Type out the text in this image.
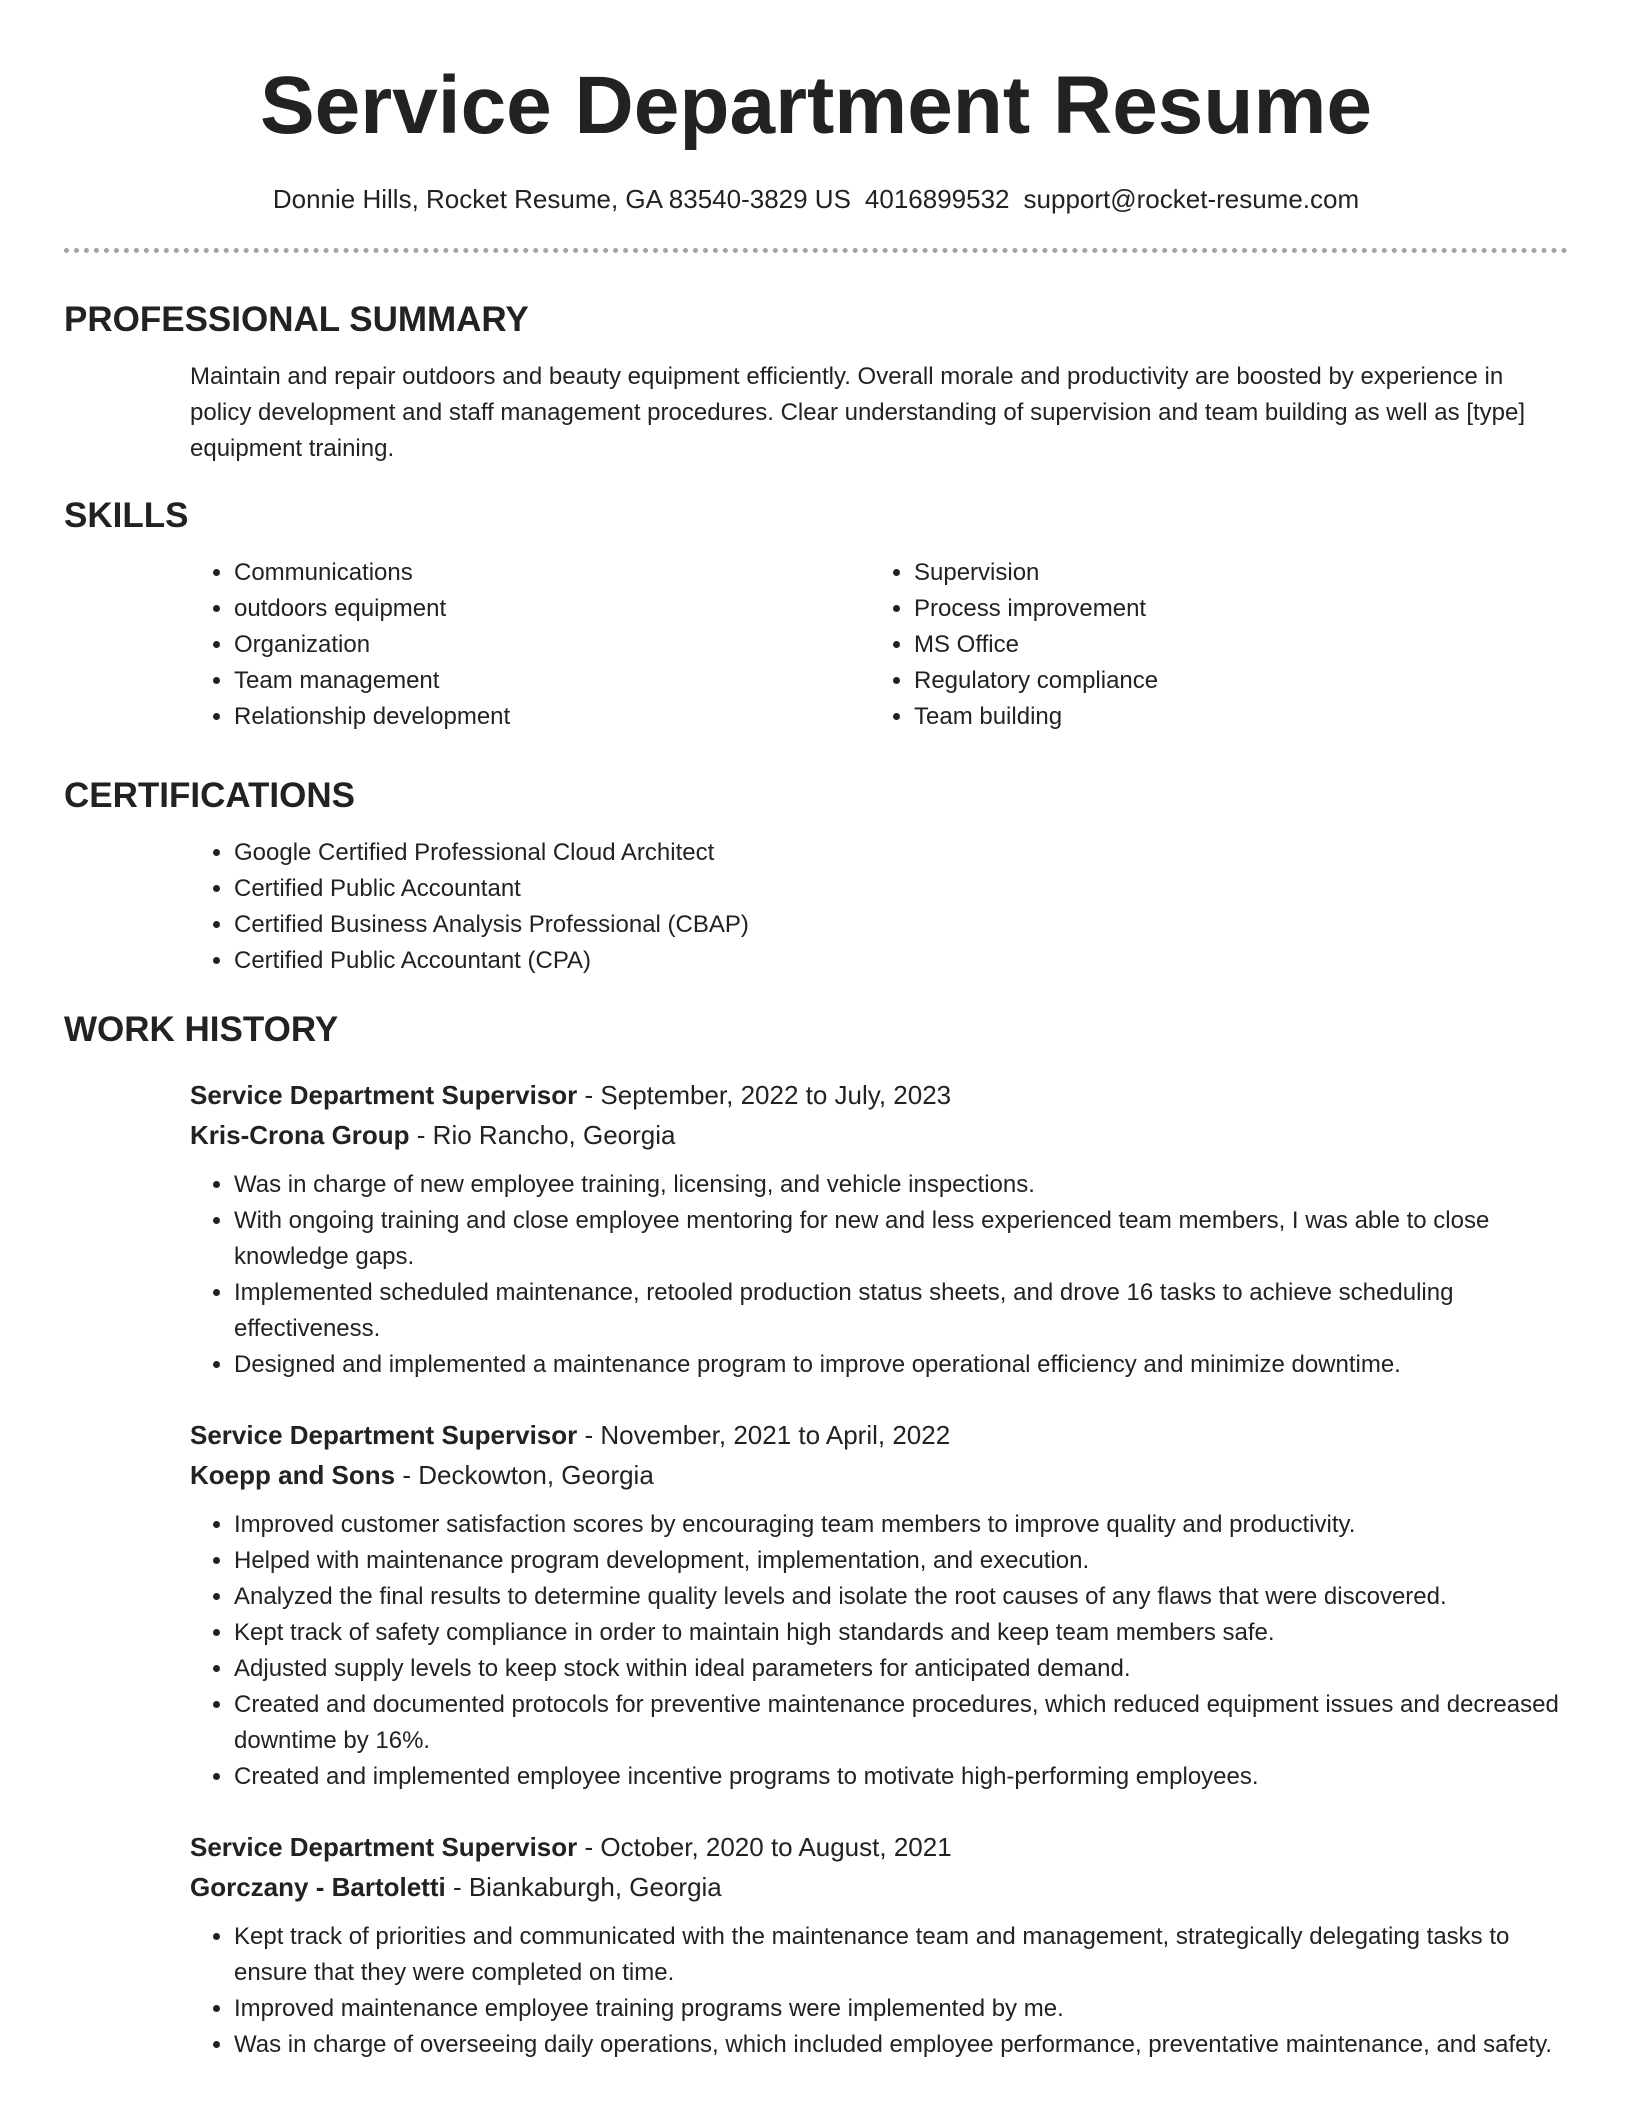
Service Department Resume
Donnie Hills, Rocket Resume, GA 83540-3829 US 4016899532 support@rocket-resume.com
PROFESSIONAL SUMMARY

Maintain and repair outdoors and beauty equipment efficiently. Overall morale and productivity are boosted by experience in policy development and staff management procedures. Clear understanding of supervision and team building as well as [type] equipment training.

SKILLS
• Communications
• outdoors equipment
• Organization
• Team management
• Relationship development
• Supervision
• Process improvement
• MS Office
• Regulatory compliance
• Team building
CERTIFICATIONS
• Google Certified Professional Cloud Architect
• Certified Public Accountant
• Certified Business Analysis Professional (CBAP)
• Certified Public Accountant (CPA)
WORK HISTORY
Service Department Supervisor - September, 2022 to July, 2023
Kris-Crona Group - Rio Rancho, Georgia
• Was in charge of new employee training, licensing, and vehicle inspections.
• With ongoing training and close employee mentoring for new and less experienced team members, I was able to close knowledge gaps.
• Implemented scheduled maintenance, retooled production status sheets, and drove 16 tasks to achieve scheduling effectiveness.
• Designed and implemented a maintenance program to improve operational efficiency and minimize downtime.
Service Department Supervisor - November, 2021 to April, 2022
Koepp and Sons - Deckowton, Georgia
• Improved customer satisfaction scores by encouraging team members to improve quality and productivity.
• Helped with maintenance program development, implementation, and execution.
• Analyzed the final results to determine quality levels and isolate the root causes of any flaws that were discovered.
• Kept track of safety compliance in order to maintain high standards and keep team members safe.
• Adjusted supply levels to keep stock within ideal parameters for anticipated demand.
• Created and documented protocols for preventive maintenance procedures, which reduced equipment issues and decreased downtime by 16%.
• Created and implemented employee incentive programs to motivate high-performing employees.
Service Department Supervisor - October, 2020 to August, 2021
Gorczany - Bartoletti - Biankaburgh, Georgia
• Kept track of priorities and communicated with the maintenance team and management, strategically delegating tasks to ensure that they were completed on time.
• Improved maintenance employee training programs were implemented by me.
• Was in charge of overseeing daily operations, which included employee performance, preventative maintenance, and safety.
